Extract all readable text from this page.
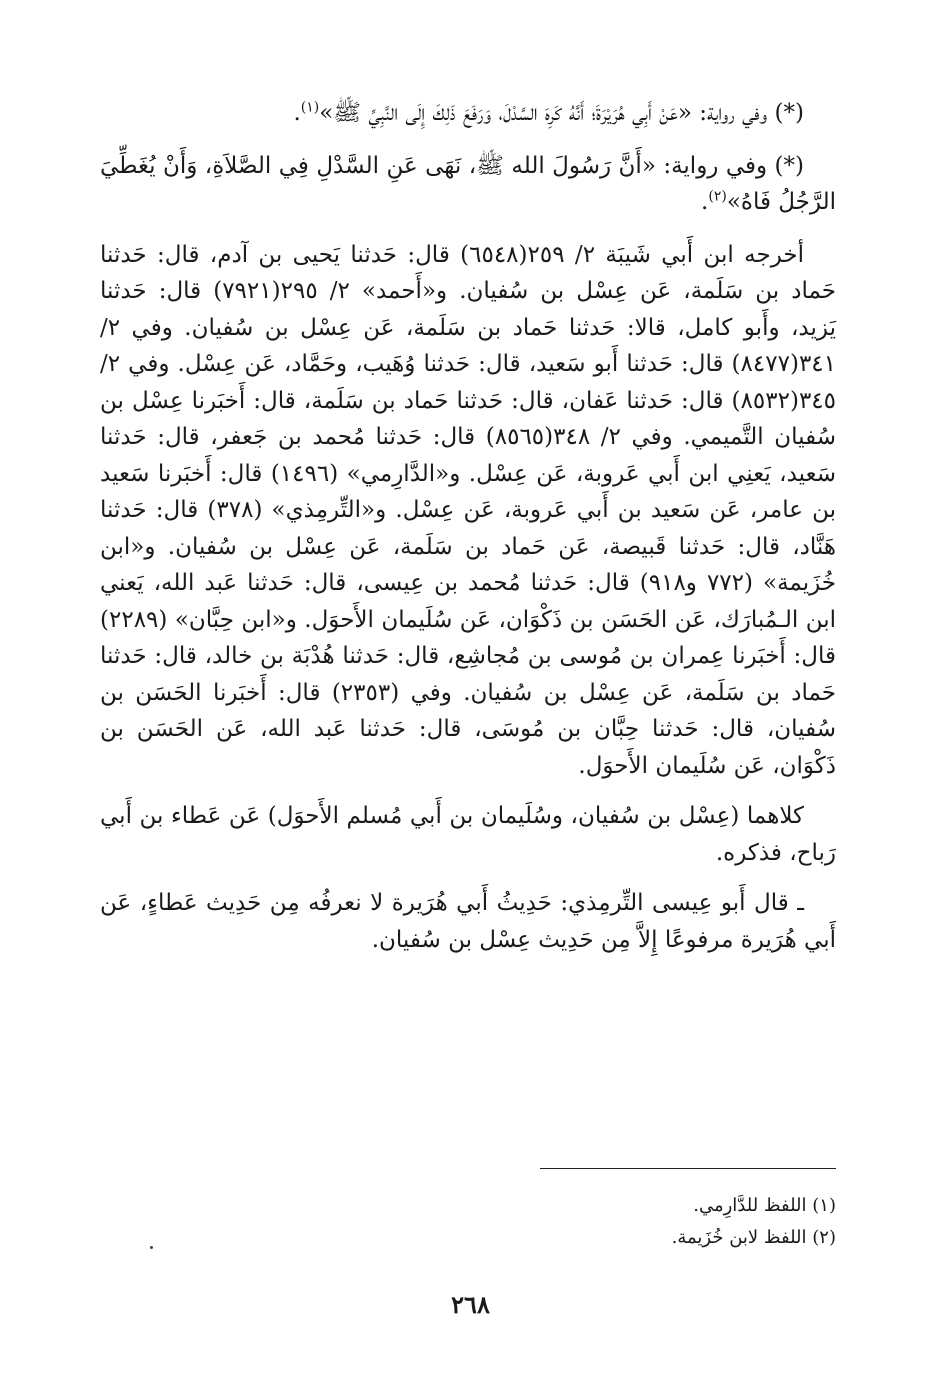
(*) وفي رواية: «عَنْ أَبِي هُرَيْرَةَ؛ أَنَّهُ كَرِهَ السَّدْلَ، وَرَفَعَ ذَلِكَ إِلَى النَّبِيِّ ﷺ»$^{(١)}$.

(*) وفي رواية: «أَنَّ رَسُولَ الله ﷺ، نَهَى عَنِ السَّدْلِ فِي الصَّلاَةِ، وَأَنْ يُغَطِّيَ الرَّجُلُ فَاهُ»$^{(٢)}$.

أخرجه ابن أَبي شَيبَة ٢/ ٢٥٩(٦٥٤٨) قال: حَدثنا يَحيى بن آدم، قال: حَدثنا حَماد بن سَلَمة، عَن عِسْل بن سُفيان. و«أَحمد» ٢/ ٢٩٥(٧٩٢١) قال: حَدثنا يَزيد، وأَبو كامل، قالا: حَدثنا حَماد بن سَلَمة، عَن عِسْل بن سُفيان. وفي ٢/ ٣٤١(٨٤٧٧) قال: حَدثنا أَبو سَعيد، قال: حَدثنا وُهَيب، وحَمَّاد، عَن عِسْل. وفي ٢/ ٣٤٥(٨٥٣٢) قال: حَدثنا عَفان، قال: حَدثنا حَماد بن سَلَمة، قال: أَخبَرنا عِسْل بن سُفيان التَّميمي. وفي ٢/ ٣٤٨(٨٥٦٥) قال: حَدثنا مُحمد بن جَعفر، قال: حَدثنا سَعيد، يَعنِي ابن أَبي عَروبة، عَن عِسْل. و«الدَّارِمي» (١٤٩٦) قال: أَخبَرنا سَعيد بن عامر، عَن سَعيد بن أَبي عَروبة، عَن عِسْل. و«التِّرمِذي» (٣٧٨) قال: حَدثنا هَنَّاد، قال: حَدثنا قَبيصة، عَن حَماد بن سَلَمة، عَن عِسْل بن سُفيان. و«ابن خُزَيمة» (٧٧٢ و٩١٨) قال: حَدثنا مُحمد بن عِيسى، قال: حَدثنا عَبد الله، يَعني ابن الـمُبارَك، عَن الحَسَن بن ذَكْوَان، عَن سُلَيمان الأَحوَل. و«ابن حِبَّان» (٢٢٨٩) قال: أَخبَرنا عِمران بن مُوسى بن مُجاشِع، قال: حَدثنا هُدْبَة بن خالد، قال: حَدثنا حَماد بن سَلَمة، عَن عِسْل بن سُفيان. وفي (٢٣٥٣) قال: أَخبَرنا الحَسَن بن سُفيان، قال: حَدثنا حِبَّان بن مُوسَى، قال: حَدثنا عَبد الله، عَن الحَسَن بن ذَكْوَان، عَن سُلَيمان الأَحوَل.

كلاهما (عِسْل بن سُفيان، وسُلَيمان بن أَبي مُسلم الأَحوَل) عَن عَطاء بن أَبي رَباح، فذكره.

ـ قال أَبو عِيسى التِّرمِذي: حَدِيثُ أَبي هُرَيرة لا نعرفُه مِن حَدِيث عَطاءٍ، عَن أَبي هُرَيرة مرفوعًا إِلاَّ مِن حَدِيث عِسْل بن سُفيان.

(١) اللفظ للدَّارِمي.

(٢) اللفظ لابن خُزَيمة.

٢٦٨
